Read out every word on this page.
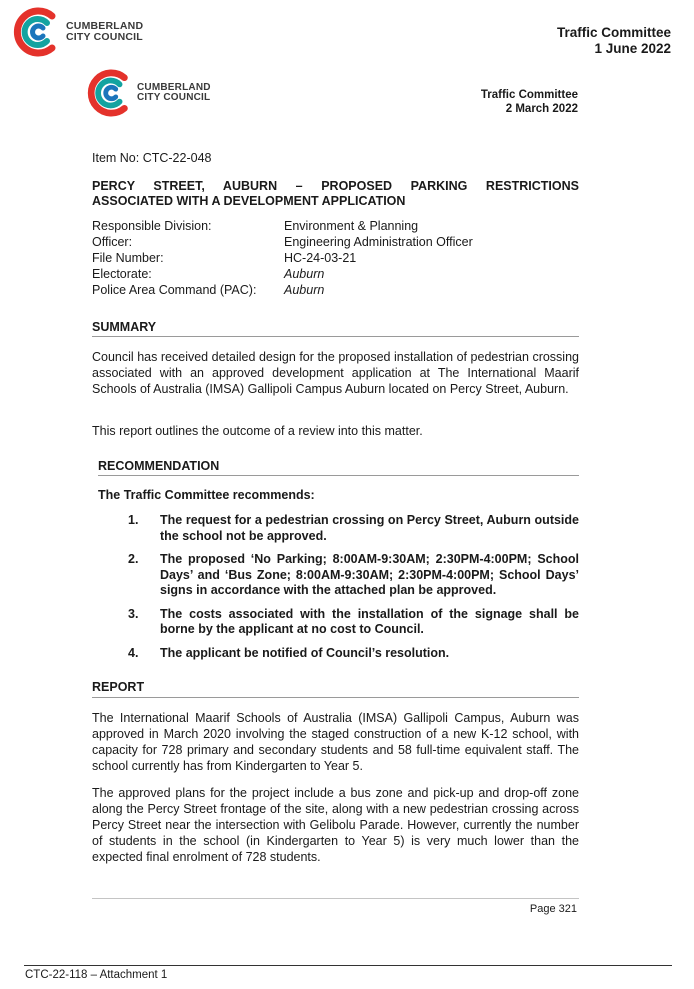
CUMBERLAND
CITY COUNCIL	Traffic Committee
1 June 2022
CUMBERLAND
CITY COUNCIL	Traffic Committee
2 March 2022
Item No: CTC-22-048
PERCY STREET, AUBURN – PROPOSED PARKING RESTRICTIONS
ASSOCIATED WITH A DEVELOPMENT APPLICATION
Responsible Division:	Environment & Planning
Officer:	Engineering Administration Officer
File Number:	HC-24-03-21
Electorate:	Auburn
Police Area Command (PAC):	Auburn
SUMMARY
Council has received detailed design for the proposed installation of pedestrian crossing associated with an approved development application at The International Maarif Schools of Australia (IMSA) Gallipoli Campus Auburn located on Percy Street, Auburn.
This report outlines the outcome of a review into this matter.
RECOMMENDATION
The Traffic Committee recommends:
1.	The request for a pedestrian crossing on Percy Street, Auburn outside the school not be approved.
2.	The proposed ‘No Parking; 8:00AM-9:30AM; 2:30PM-4:00PM; School Days’ and ‘Bus Zone; 8:00AM-9:30AM; 2:30PM-4:00PM; School Days’ signs in accordance with the attached plan be approved.
3.	The costs associated with the installation of the signage shall be borne by the applicant at no cost to Council.
4.	The applicant be notified of Council’s resolution.
REPORT
The International Maarif Schools of Australia (IMSA) Gallipoli Campus, Auburn was approved in March 2020 involving the staged construction of a new K-12 school, with capacity for 728 primary and secondary students and 58 full-time equivalent staff. The school currently has from Kindergarten to Year 5.
The approved plans for the project include a bus zone and pick-up and drop-off zone along the Percy Street frontage of the site, along with a new pedestrian crossing across Percy Street near the intersection with Gelibolu Parade. However, currently the number of students in the school (in Kindergarten to Year 5) is very much lower than the expected final enrolment of 728 students.
Page 321
CTC-22-118 – Attachment 1
